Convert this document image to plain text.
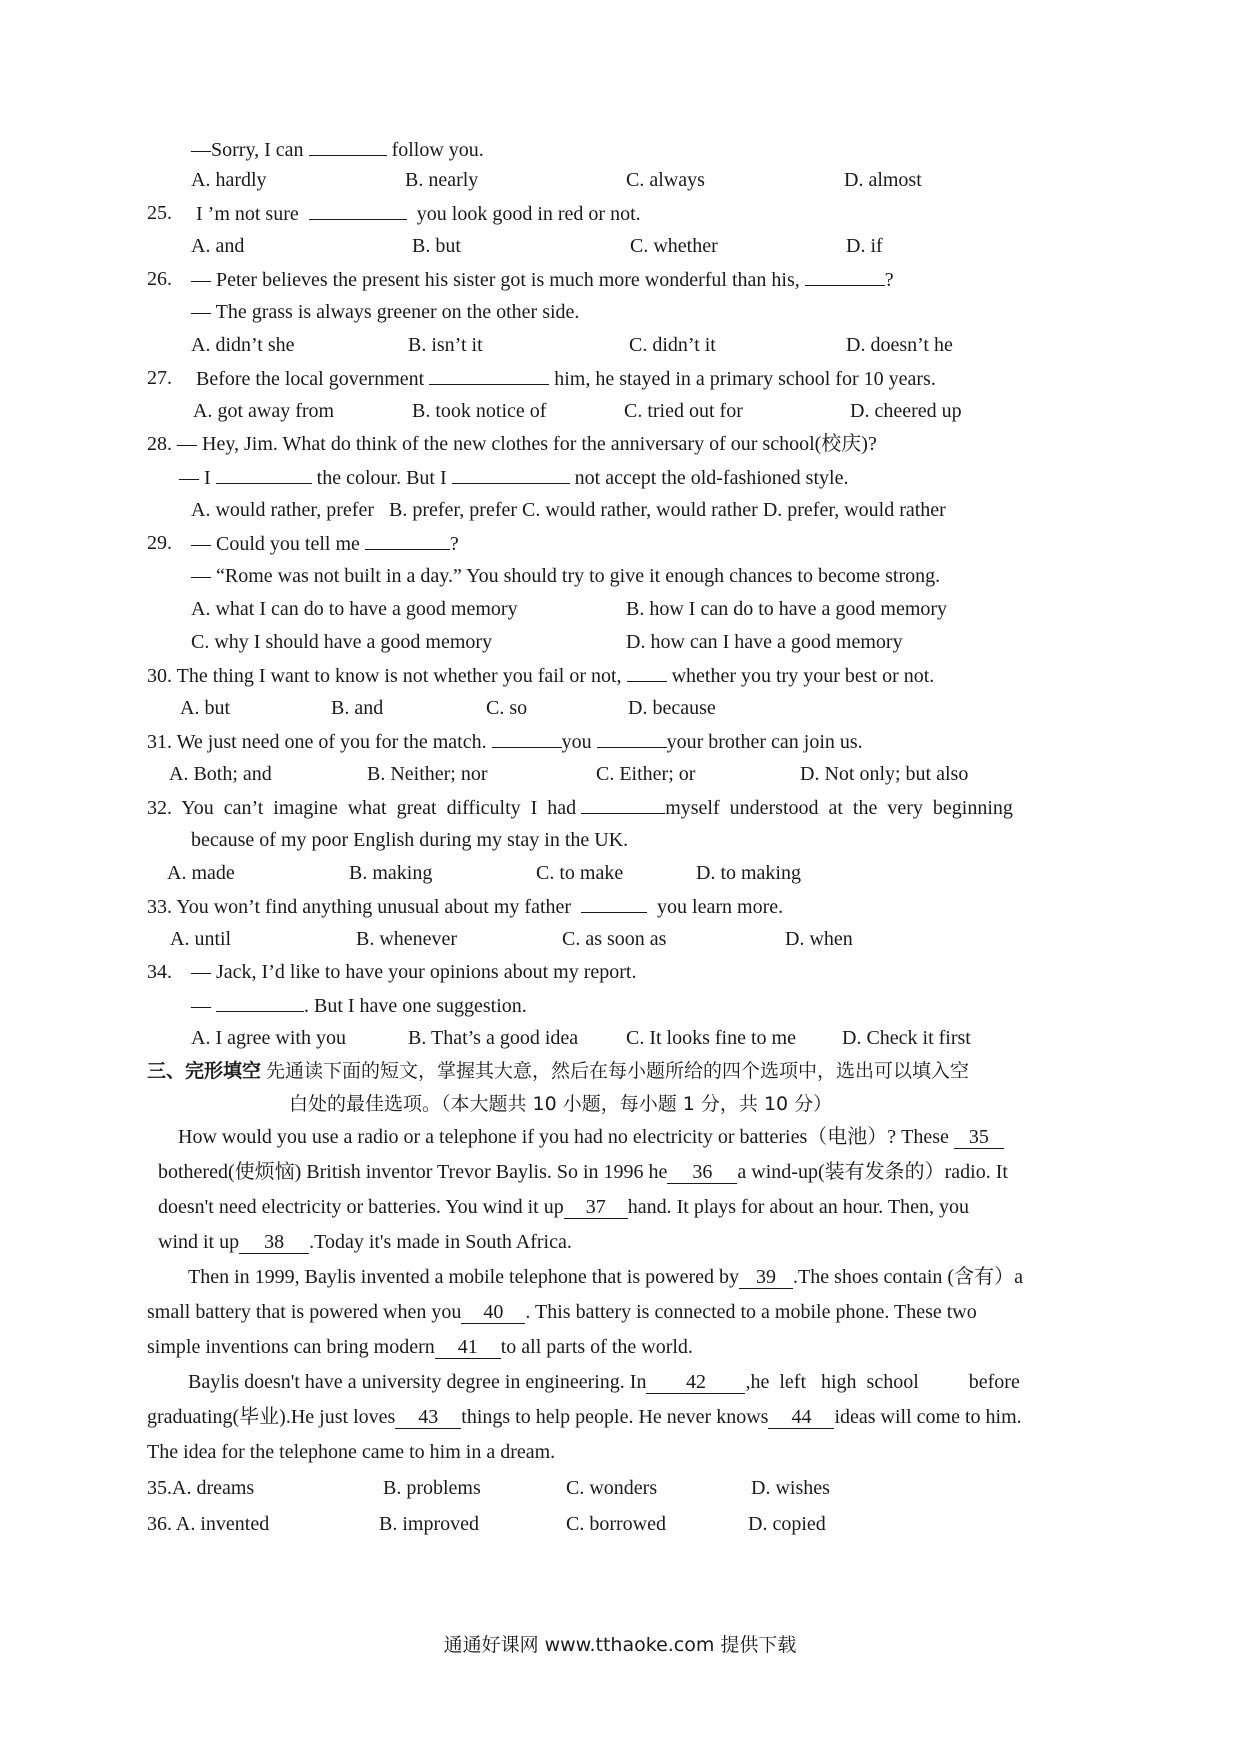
—Sorry, I can	follow you.
A. hardly	B. nearly	C. always	D. almost
25. I ’m not sure	you look good in red or not.
A. and	B. but	C. whether	D. if
26. — Peter believes the present his sister got is much more wonderful than his,	?
— The grass is always greener on the other side.
A. didn’t she	B. isn’t it	C. didn’t it	D. doesn’t he
27. Before the local government	him, he stayed in a primary school for 10 years.
A. got away from	B. took notice of	C. tried out for	D. cheered up
28. — Hey, Jim. What do think of the new clothes for the anniversary of our school(校庆)?
— I	the colour. But I	not accept the old-fashioned style.
A. would rather, prefer   B. prefer, prefer C. would rather, would rather D. prefer, would rather
29. — Could you tell me	?
— “Rome was not built in a day.” You should try to give it enough chances to become strong.
A. what I can do to have a good memory	B. how I can do to have a good memory
C. why I should have a good memory	D. how can I have a good memory
30. The thing I want to know is not whether you fail or not,	whether you try your best or not.
A. but	B. and	C. so	D. because
31. We just need one of you for the match.	you	your brother can join us.
A. Both; and	B. Neither; nor	C. Either; or	D. Not only; but also
32.  You  can’t  imagine  what  great  difficulty  I  had	myself  understood  at  the  very  beginning
because of my poor English during my stay in the UK.
A. made	B. making	C. to make	D. to making
33. You won’t find anything unusual about my father	you learn more.
A. until	B. whenever	C. as soon as	D. when
34. — Jack, I’d like to have your opinions about my report.
—	. But I have one suggestion.
A. I agree with you	B. That’s a good idea C. It looks fine to me D. Check it first
三、完形填空 先通读下面的短文，掌握其大意，然后在每小题所给的四个选项中，选出可以填入空
白处的最佳选项。（本大题共 10 小题，每小题 1 分，共 10 分）
How would you use a radio or a telephone if you had no electricity or batteries（电池）? These 35
bothered(使烦恼) British inventor Trevor Baylis. So in 1996 he 36 a wind-up(装有发条的）radio. It
doesn't need electricity or batteries. You wind it up 37 hand. It plays for about an hour. Then, you
wind it up 38 .Today it's made in South Africa.
Then in 1999, Baylis invented a mobile telephone that is powered by 39 .The shoes contain (含有）a
small battery that is powered when you 40 . This battery is connected to a mobile phone. These two
simple inventions can bring modern 41 to all parts of the world.
Baylis doesn't have a university degree in engineering. In 42 ,he  left   high  school          before
graduating(毕业).He just loves 43 things to help people. He never knows 44 ideas will come to him.
The idea for the telephone came to him in a dream.
35.A. dreams	B. problems	C. wonders	D. wishes
36. A. invented	B. improved	C. borrowed	D. copied
通通好课网 www.tthaoke.com 提供下载
